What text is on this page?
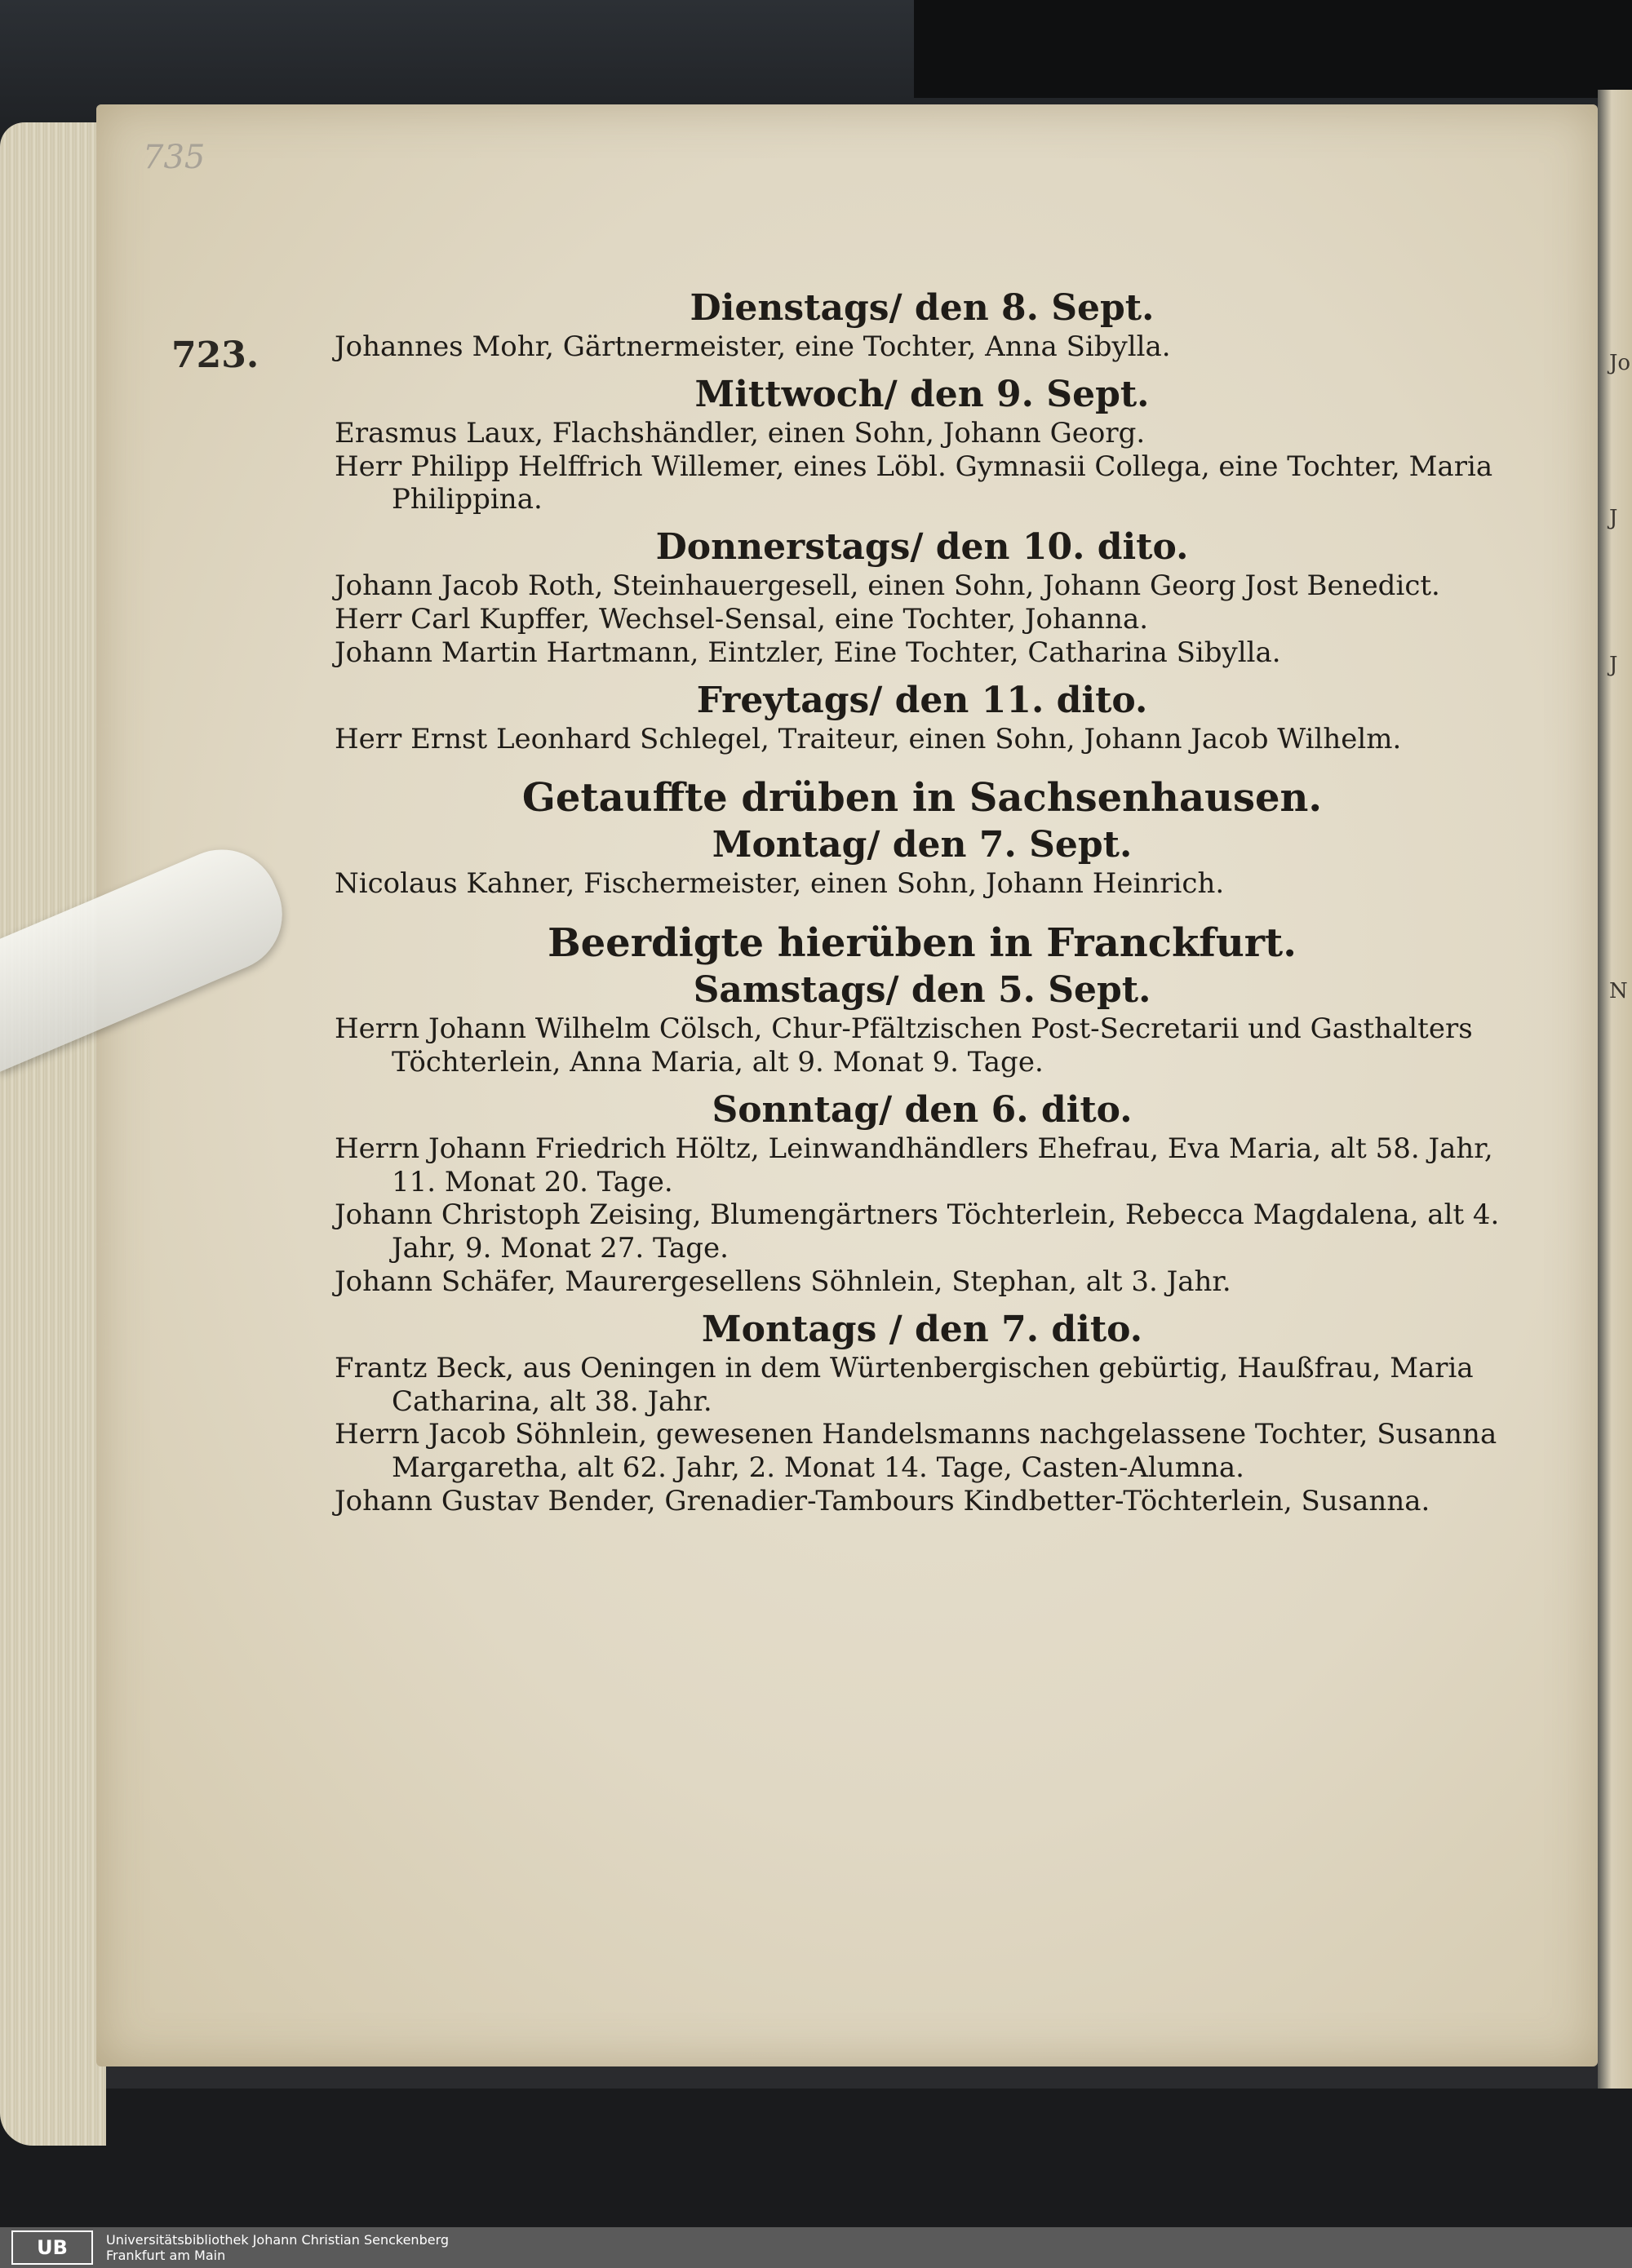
Jo
J
J
N
735
723.

Dienstags/ den 8. Sept.

Johannes Mohr, Gärtnermeister, eine Tochter, Anna Sibylla.

Mittwoch/ den 9. Sept.

Erasmus Laux, Flachshändler, einen Sohn, Johann Georg.

Herr Philipp Helffrich Willemer, eines Löbl. Gymnasii Collega, eine Tochter, Maria Philippina.

Donnerstags/ den 10. dito.

Johann Jacob Roth, Steinhauergesell, einen Sohn, Johann Georg Jost Benedict.

Herr Carl Kupffer, Wechsel-Sensal, eine Tochter, Johanna.

Johann Martin Hartmann, Eintzler, Eine Tochter, Catharina Sibylla.

Freytags/ den 11. dito.

Herr Ernst Leonhard Schlegel, Traiteur, einen Sohn, Johann Jacob Wilhelm.

Getauffte drüben in Sachsenhausen.

Montag/ den 7. Sept.

Nicolaus Kahner, Fischermeister, einen Sohn, Johann Heinrich.

Beerdigte hierüben in Franckfurt.

Samstags/ den 5. Sept.

Herrn Johann Wilhelm Cölsch, Chur-Pfältzischen Post-Secretarii und Gasthalters Töchterlein, Anna Maria, alt 9. Monat 9. Tage.

Sonntag/ den 6. dito.

Herrn Johann Friedrich Höltz, Leinwandhändlers Ehefrau, Eva Maria, alt 58. Jahr, 11. Monat 20. Tage.

Johann Christoph Zeising, Blumengärtners Töchterlein, Rebecca Magdalena, alt 4. Jahr, 9. Monat 27. Tage.

Johann Schäfer, Maurergesellens Söhnlein, Stephan, alt 3. Jahr.

Montags / den 7. dito.

Frantz Beck, aus Oeningen in dem Würtenbergischen gebürtig, Haußfrau, Maria Catharina, alt 38. Jahr.

Herrn Jacob Söhnlein, gewesenen Handelsmanns nachgelassene Tochter, Susanna Margaretha, alt 62. Jahr, 2. Monat 14. Tage, Casten-Alumna.

Johann Gustav Bender, Grenadier-Tambours Kindbetter-Töchterlein, Susanna.

UB	Universitätsbibliothek Johann Christian Senckenberg
Frankfurt am Main
